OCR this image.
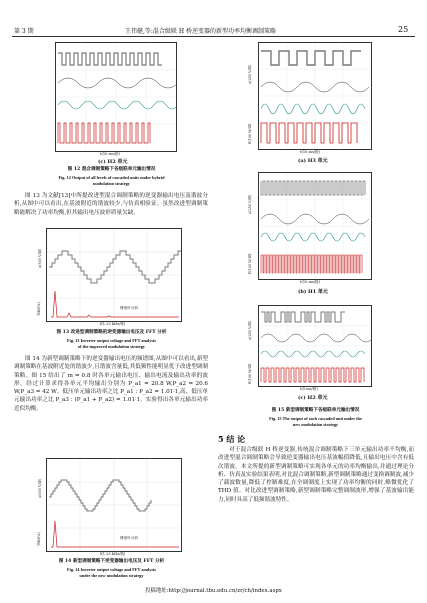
第 3 期	王伟健,等:混合级联 H 桥逆变器的新型功率均衡调制策略	25
t(10 ms/格)
(c) H2 单元
图 12 混合调制策略下各级联单元输出情况
Fig. 12 Output of all levels of cascaded units under hybrid
modulation strategy
图 13 为文献[13]中所提改进型混合调制策略的逆变器输出电压及谐波分析,从图中可以看出,在基波附近的谐波较少,与仿真相验证。虽然改进型调制策略能解决了功率均衡,但其输出电压波形质量欠缺。
u(500 V/格)
THD(%)	傅里叶分析
f(1.25 kHz/格)
图 13 改进型调制策略的逆变器输出电压及 FFT 分析
Fig. 13 Inverter output voltage and FFT analysis
of the improved modulation strategy
图 14 为新型调制策略下的逆变器输出电压的频谱图,从图中可以看出,新型调制策略在基波附近处的谐波少,且谐波含量低,其低频性能明显优于改进型调制策略。图 15 给出了 m = 0.8 时各单元输出电压、输出电流及输出功率的波形。经过计算求得各单元平均输出分别为 P_a1 = 20.8 W,P_a2 = 20.6 W,P_a3 = 42 W。低压单元输出功率之比 P_a1 : P_a2 = 1.01∶1,高、低压单元输出功率之比 P_a3 : (P_a1 + P_a2) = 1.01∶1。实验得出各单元输出功率近似均衡。
u(500 V/格)
THD(%)	傅里叶分析
f(1.25 kHz/格)
图 14 新型调制策略下逆变器输出电压及 FFT 分析
Fig. 14 Inverter output voltage and FFT analysis
under the new modulation strategy
u(250 V/格)
P(100 W/格)
t(10 ms/格)
(a) H3 单元
u(250 V/格)
P(100 W/格)
t(10 ms/格)
(b) H1 单元
u(250 V/格)
P(100 W/格)
t(5 ms/格)
(c) H2 单元
图 15 新型调制策略下各级联单元输出情况
Fig. 15 The output of each cascaded unit under the
new modulation strategy
5 结 论
对于混合级联 H 桥逆变器,传统混合调制策略下三单元输出功率不均衡,而改进型混合调制策略会导致逆变器输出电压基波幅值降低,且输出电压中含有低次谐波。本文所提的新型调制策略可实现各单元的功率均衡输出,并通过理论分析、仿真及实验结果表明,对比混合调制策略,新型调制策略通过变换调制波,减少了载波数量,降低了控制难度,在全调制度上实现了功率均衡的同时,略微优化了 THD 值。对比改进型调制策略,新型调制策略完整调制波形,增强了基波输出能力,同时具高了低频谐波特性。
投稿地址:http://journal.tbu.edu.cn/zr/ch/index.aspx
